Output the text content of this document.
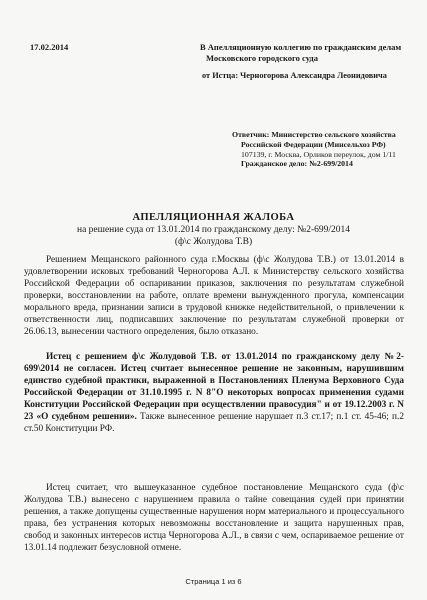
17.02.2014	В Апелляционную коллегию по гражданским делам
Московского городского суда
от Истца: Черногорова Александра Леонидовича
Ответчик: Министерство сельского хозяйства
Российской Федерации (Минсельхоз РФ)
107139, г. Москва, Орликов переулок, дом 1/11
Гражданское дело: №2-699/2014
АПЕЛЛЯЦИОННАЯ ЖАЛОБА
на решение суда от 13.01.2014 по гражданскому делу: №2-699/2014
(ф\с Жолудова Т.В)
Решением Мещанского районного суда г.Москвы (ф\с Жолудова Т.В.) от 13.01.2014 в удовлетворении исковых требований Черногорова А.Л. к Министерству сельского хозяйства Российской Федерации об оспаривании приказов, заключения по результатам служебной проверки, восстановлении на работе, оплате времени вынужденного прогула, компенсации морального вреда, признании записи в трудовой книжке недействительной, о привлечении к ответственности лиц, подписавших заключение по результатам служебной проверки от 26.06.13, вынесении частного определения, было отказано.
Истец с решением ф\с Жолудовой Т.В. от 13.01.2014 по гражданскому делу №2-699\2014 не согласен. Истец считает вынесенное решение не законным, нарушившим единство судебной практики, выраженной в Постановлениях Пленума Верховного Суда Российской Федерации от 31.10.1995 г. N 8"О некоторых вопросах применения судами Конституции Российской Федерации при осуществлении правосудия" и от 19.12.2003 г. N 23 «О судебном решении». Также вынесенное решение нарушает п.3 ст.17; п.1 ст. 45-46; п.2 ст.50 Конституции РФ.
Истец считает, что вышеуказанное судебное постановление Мещанского суда (ф\с Жолудова Т.В.) вынесено с нарушением правила о тайне совещания судей при принятии решения, а также допущены существенные нарушения норм материального и процессуального права, без устранения которых невозможны восстановление и защита нарушенных прав, свобод и законных интересов истца Черногорова А.Л., в связи с чем, оспариваемое решение от 13.01.14 подлежит безусловной отмене.
Страница 1 из 6
